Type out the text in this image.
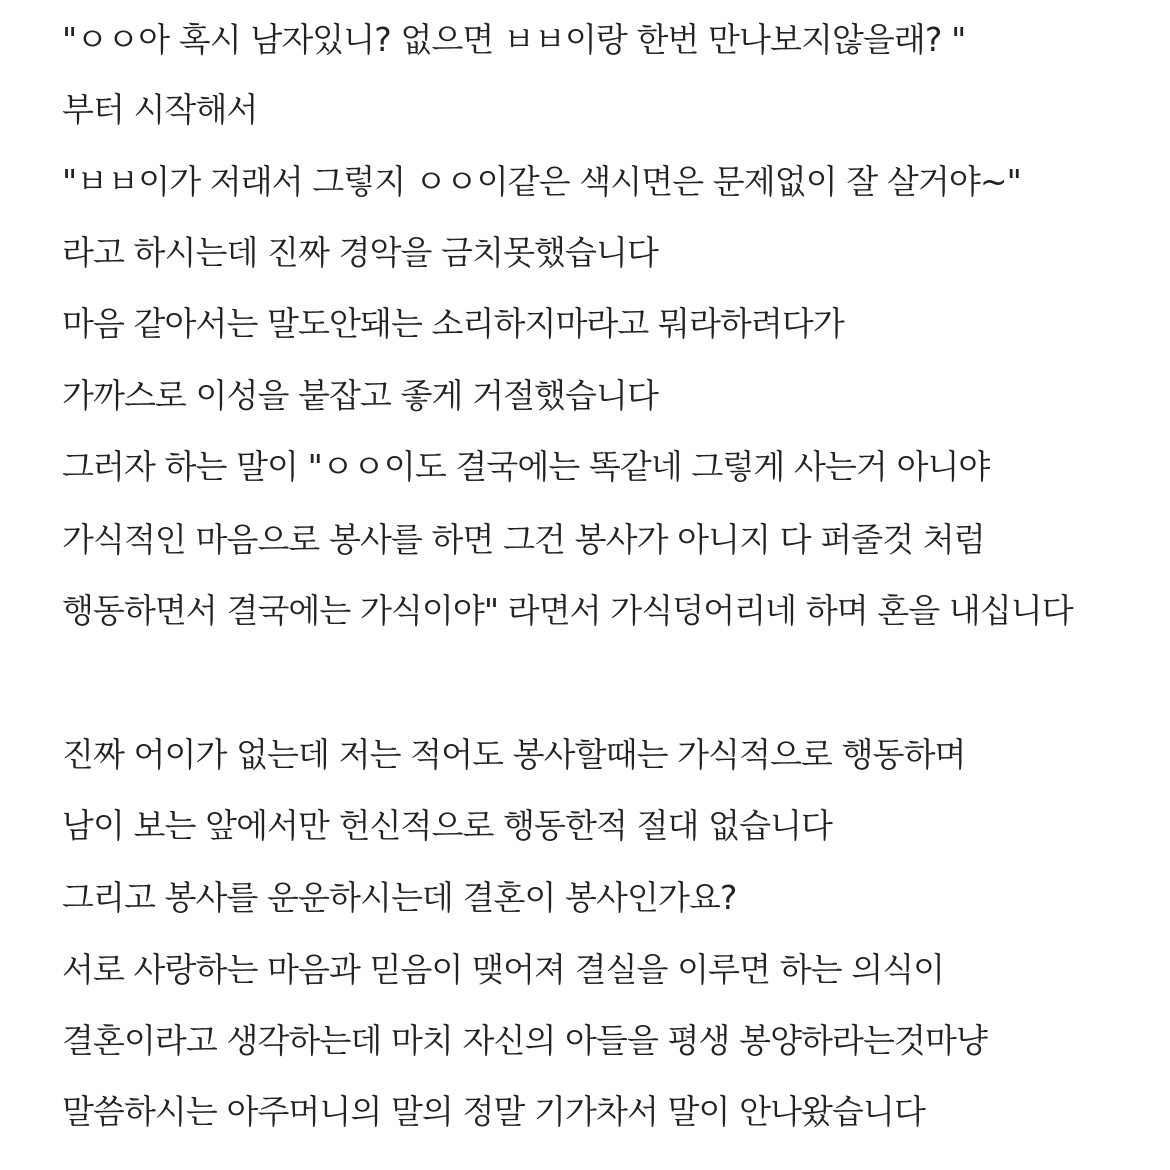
"ㅇㅇ아 혹시 남자있니? 없으면 ㅂㅂ이랑 한번 만나보지않을래? "
부터 시작해서
"ㅂㅂ이가 저래서 그렇지 ㅇㅇ이같은 색시면은 문제없이 잘 살거야~"
라고 하시는데 진짜 경악을 금치못했습니다
마음 같아서는 말도안돼는 소리하지마라고 뭐라하려다가
가까스로 이성을 붙잡고 좋게 거절했습니다
그러자 하는 말이 "ㅇㅇ이도 결국에는 똑같네 그렇게 사는거 아니야
가식적인 마음으로 봉사를 하면 그건 봉사가 아니지 다 퍼줄것 처럼
행동하면서 결국에는 가식이야" 라면서 가식덩어리네 하며 혼을 내십니다
진짜 어이가 없는데 저는 적어도 봉사할때는 가식적으로 행동하며
남이 보는 앞에서만 헌신적으로 행동한적 절대 없습니다
그리고 봉사를 운운하시는데 결혼이 봉사인가요?
서로 사랑하는 마음과 믿음이 맺어져 결실을 이루면 하는 의식이
결혼이라고 생각하는데 마치 자신의 아들을 평생 봉양하라는것마냥
말씀하시는 아주머니의 말의 정말 기가차서 말이 안나왔습니다
